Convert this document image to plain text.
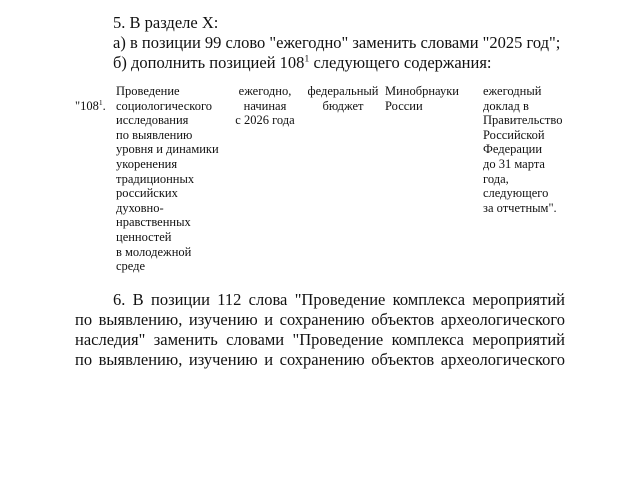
5. В разделе X:
а) в позиции 99 слово "ежегодно" заменить словами "2025 год";
б) дополнить позицией $108^1$ следующего содержания:

"$108^1$.

Проведение
социологического
исследования
по выявлению
уровня и динамики
укоренения
традиционных
российских
духовно-
нравственных
ценностей
в молодежной
среде
ежегодно,
начиная
с 2026 года
федеральный
бюджет
Минобрнауки
России
ежегодный
доклад в
Правительство
Российской
Федерации
до 31 марта
года,
следующего
за отчетным".
6. В позиции 112 слова "Проведение комплекса мероприятий
по выявлению, изучению и сохранению объектов археологического
наследия" заменить словами "Проведение комплекса мероприятий
по выявлению, изучению и сохранению объектов археологического
